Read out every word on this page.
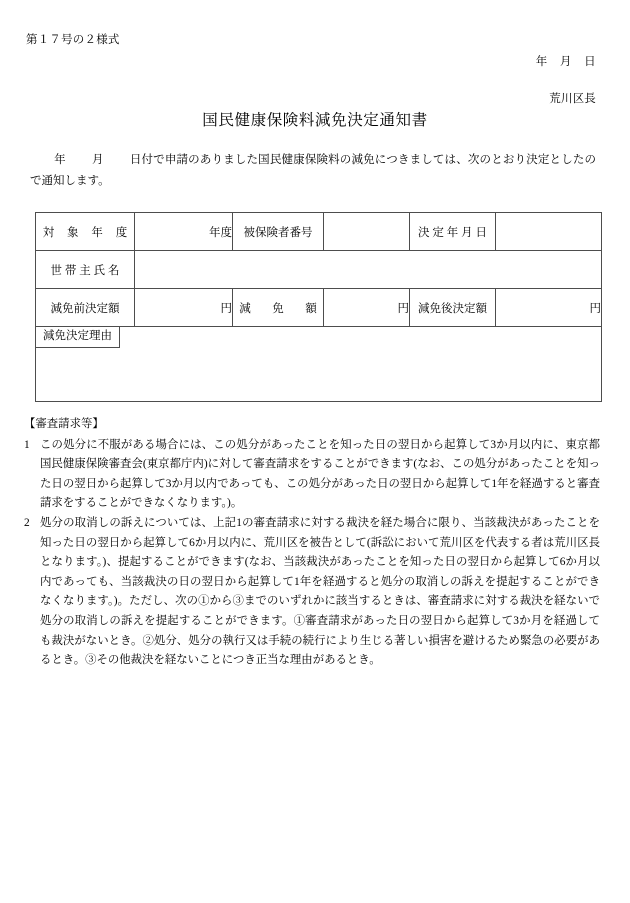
第１７号の２様式
年 月 日
荒川区長
国民健康保険料減免決定通知書
年 月 日付で申請のありました国民健康保険料の減免につきましては、次のとおり決定としたので通知します。
対 象 年 度	年度	被保険者番号		決 定 年 月 日	
世 帯 主 氏 名					
減免前決定額	円	減　免　額	円	減免後決定額	円

減免決定理由					

【審査請求等】

1 この処分に不服がある場合には、この処分があったことを知った日の翌日から起算して3か月以内に、東京都国民健康保険審査会(東京都庁内)に対して審査請求をすることができます(なお、この処分があったことを知った日の翌日から起算して3か月以内であっても、この処分があった日の翌日から起算して1年を経過すると審査請求をすることができなくなります。)。

2 処分の取消しの訴えについては、上記1の審査請求に対する裁決を経た場合に限り、当該裁決があったことを知った日の翌日から起算して6か月以内に、荒川区を被告として(訴訟において荒川区を代表する者は荒川区長となります。)、提起することができます(なお、当該裁決があったことを知った日の翌日から起算して6か月以内であっても、当該裁決の日の翌日から起算して1年を経過すると処分の取消しの訴えを提起することができなくなります。)。ただし、次の①から③までのいずれかに該当するときは、審査請求に対する裁決を経ないで処分の取消しの訴えを提起することができます。①審査請求があった日の翌日から起算して3か月を経過しても裁決がないとき。②処分、処分の執行又は手続の続行により生じる著しい損害を避けるため緊急の必要があるとき。③その他裁決を経ないことにつき正当な理由があるとき。
